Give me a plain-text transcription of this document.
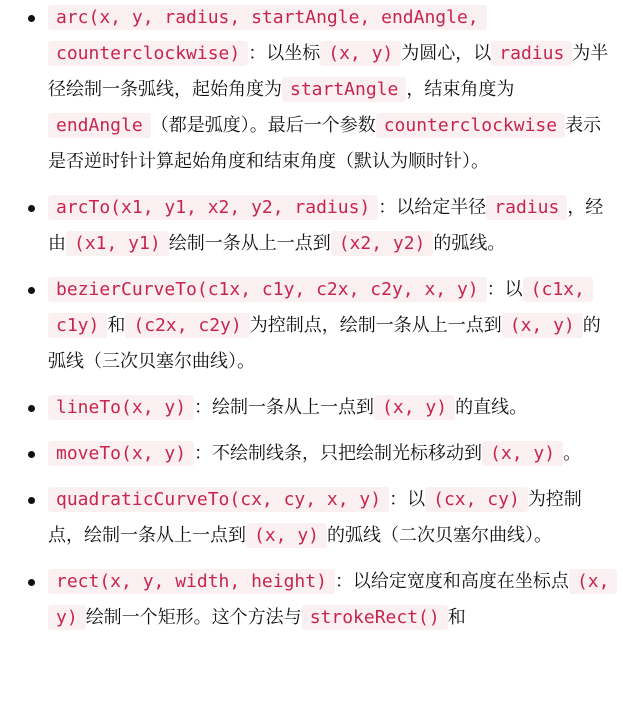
arc(x, y, radius, startAngle, endAngle, counterclockwise) ：以坐标 (x, y) 为圆心，以 radius 为半径绘制一条弧线，起始角度为 startAngle ，结束角度为endAngle （都是弧度）。最后一个参数 counterclockwise 表示是否逆时针计算起始角度和结束角度（默认为顺时针）。
arcTo(x1, y1, x2, y2, radius) ：以给定半径 radius ，经由 (x1, y1) 绘制一条从上一点到 (x2, y2) 的弧线。
bezierCurveTo(c1x, c1y, c2x, c2y, x, y) ：以 (c1x, c1y) 和 (c2x, c2y) 为控制点，绘制一条从上一点到 (x, y) 的弧线（三次贝塞尔曲线）。
lineTo(x, y) ：绘制一条从上一点到 (x, y) 的直线。
moveTo(x, y) ：不绘制线条，只把绘制光标移动到 (x, y) 。
quadraticCurveTo(cx, cy, x, y) ：以 (cx, cy) 为控制点，绘制一条从上一点到 (x, y) 的弧线（二次贝塞尔曲线）。
rect(x, y, width, height) ：以给定宽度和高度在坐标点 (x, y) 绘制一个矩形。这个方法与 strokeRect() 和
